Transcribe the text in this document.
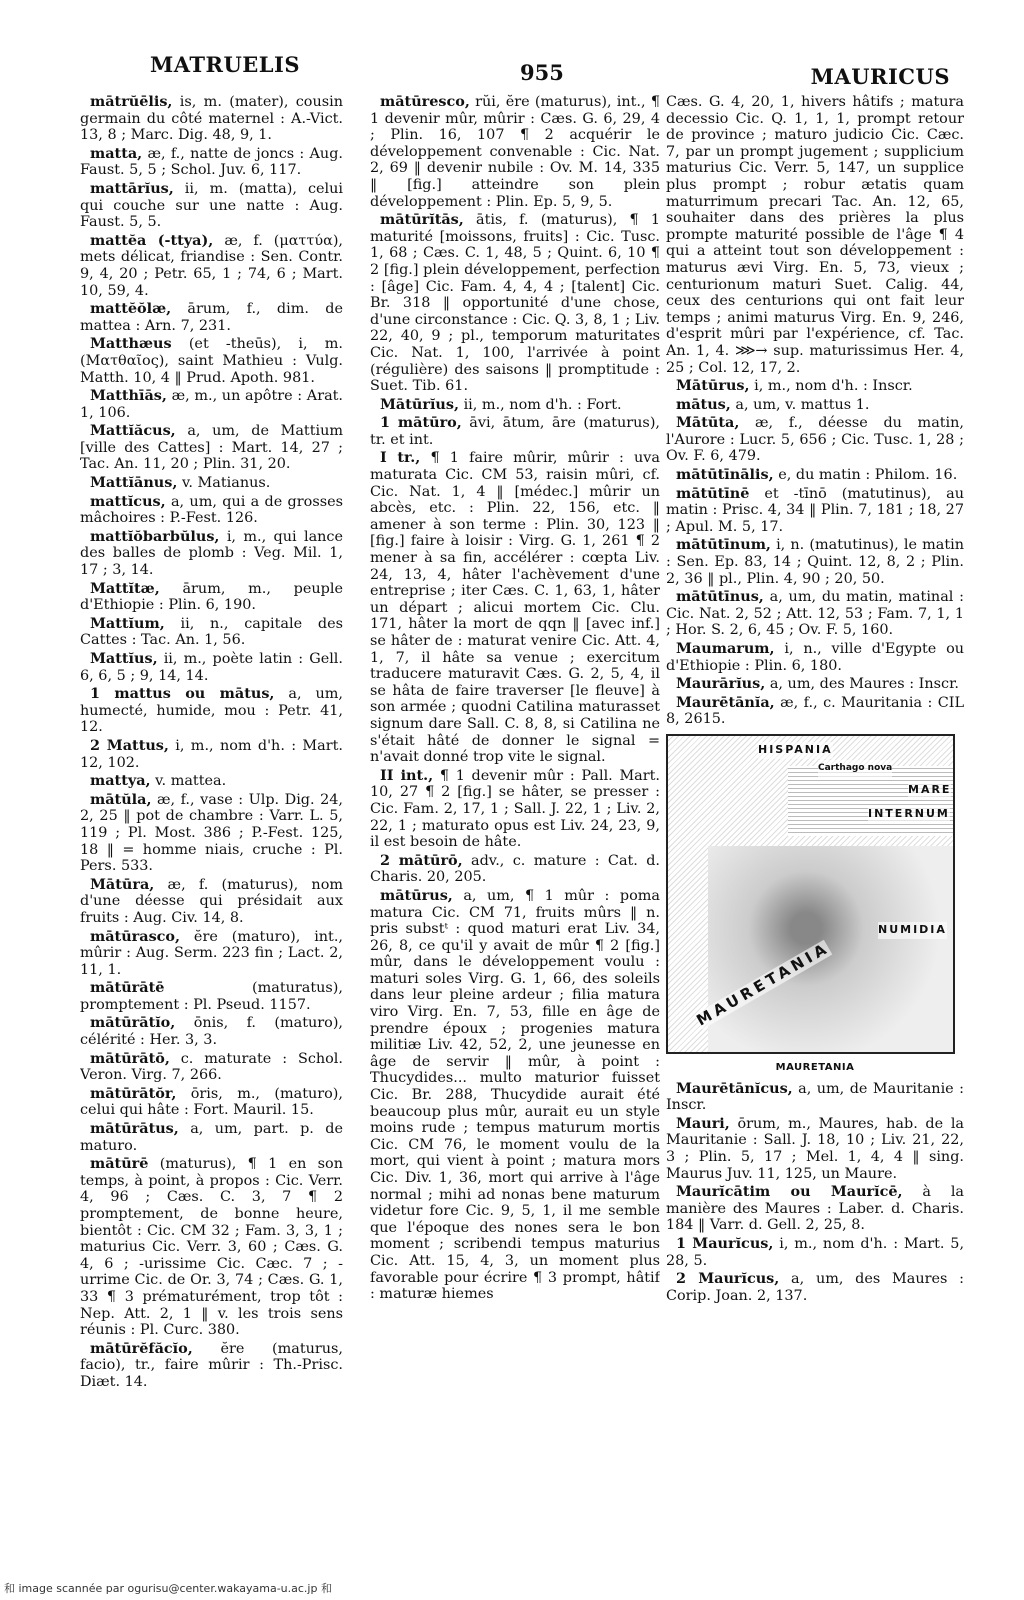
MATRUELIS	955	MAURICUS

mātrŭēlis, is, m. (mater), cousin germain du côté maternel : A.-Vict. 13, 8 ; Marc. Dig. 48, 9, 1.

matta, æ, f., natte de joncs : Aug. Faust. 5, 5 ; Schol. Juv. 6, 117.

mattārĭus, ii, m. (matta), celui qui couche sur une natte : Aug. Faust. 5, 5.

mattĕa (-ttya), æ, f. (ματτύα), mets délicat, friandise : Sen. Contr. 9, 4, 20 ; Petr. 65, 1 ; 74, 6 ; Mart. 10, 59, 4.

mattĕŏlæ, ārum, f., dim. de mattea : Arn. 7, 231.

Matthæus (et -theūs), i, m. (Ματθαῖος), saint Mathieu : Vulg. Matth. 10, 4 ‖ Prud. Apoth. 981.

Matthīās, æ, m., un apôtre : Arat. 1, 106.

Mattĭăcus, a, um, de Mattium [ville des Cattes] : Mart. 14, 27 ; Tac. An. 11, 20 ; Plin. 31, 20.

Mattĭānus, v. Matianus.

mattĭcus, a, um, qui a de grosses mâchoires : P.-Fest. 126.

mattĭŏbarbŭlus, i, m., qui lance des balles de plomb : Veg. Mil. 1, 17 ; 3, 14.

Mattĭtæ, ārum, m., peuple d'Ethiopie : Plin. 6, 190.

Mattĭum, ii, n., capitale des Cattes : Tac. An. 1, 56.

Mattĭus, ii, m., poète latin : Gell. 6, 6, 5 ; 9, 14, 14.

1 mattus ou mātus, a, um, humecté, humide, mou : Petr. 41, 12.

2 Mattus, i, m., nom d'h. : Mart. 12, 102.

mattya, v. mattea.

mātŭla, æ, f., vase : Ulp. Dig. 24, 2, 25 ‖ pot de chambre : Varr. L. 5, 119 ; Pl. Most. 386 ; P.-Fest. 125, 18 ‖ = homme niais, cruche : Pl. Pers. 533.

Mātūra, æ, f. (maturus), nom d'une déesse qui présidait aux fruits : Aug. Civ. 14, 8.

mātūrasco, ĕre (maturo), int., mûrir : Aug. Serm. 223 fin ; Lact. 2, 11, 1.

mātūrātē	(maturatus), promptement : Pl. Pseud. 1157.

mātūrātĭo, ōnis, f. (maturo), célérité : Her. 3, 3.

mātūrātō, c. maturate : Schol. Veron. Virg. 7, 266.

mātūrātŏr, ōris, m., (maturo), celui qui hâte : Fort. Mauril. 15.

mātūrātus, a, um, part. p. de maturo.

mātūrē (maturus), ¶ 1 en son temps, à point, à propos : Cic. Verr. 4, 96 ; Cæs. C. 3, 7 ¶ 2 promptement, de bonne heure, bientôt : Cic. CM 32 ; Fam. 3, 3, 1 ; maturius Cic. Verr. 3, 60 ; Cæs. G. 4, 6 ; -urissime Cic. Cæc. 7 ; -urrime Cic. de Or. 3, 74 ; Cæs. G. 1, 33 ¶ 3 prématurément, trop tôt : Nep. Att. 2, 1 ‖ v. les trois sens réunis : Pl. Curc. 380.

mātūrĕfăcĭo, ĕre (maturus, facio), tr., faire mûrir : Th.-Prisc. Diæt. 14.

mātūresco, rŭi, ĕre (maturus), int., ¶ 1 devenir mûr, mûrir : Cæs. G. 6, 29, 4 ; Plin. 16, 107 ¶ 2 acquérir le développement convenable : Cic. Nat. 2, 69 ‖ devenir nubile : Ov. M. 14, 335 ‖ [fig.] atteindre son plein développement : Plin. Ep. 5, 9, 5.

mātūrĭtās, ātis, f. (maturus), ¶ 1 maturité [moissons, fruits] : Cic. Tusc. 1, 68 ; Cæs. C. 1, 48, 5 ; Quint. 6, 10 ¶ 2 [fig.] plein développement, perfection : [âge] Cic. Fam. 4, 4, 4 ; [talent] Cic. Br. 318 ‖ opportunité d'une chose, d'une circonstance : Cic. Q. 3, 8, 1 ; Liv. 22, 40, 9 ; pl., temporum maturitates Cic. Nat. 1, 100, l'arrivée à point (régulière) des saisons ‖ promptitude : Suet. Tib. 61.

Mātūrĭus, ii, m., nom d'h. : Fort.

1 mātūro, āvi, ātum, āre (maturus), tr. et int.

I tr., ¶ 1 faire mûrir, mûrir : uva maturata Cic. CM 53, raisin mûri, cf. Cic. Nat. 1, 4 ‖ [médec.] mûrir un abcès, etc. : Plin. 22, 156, etc. ‖ amener à son terme : Plin. 30, 123 ‖ [fig.] faire à loisir : Virg. G. 1, 261 ¶ 2 mener à sa fin, accélérer : cœpta Liv. 24, 13, 4, hâter l'achèvement d'une entreprise ; iter Cæs. C. 1, 63, 1, hâter un départ ; alicui mortem Cic. Clu. 171, hâter la mort de qqn ‖ [avec inf.] se hâter de : maturat venire Cic. Att. 4, 1, 7, il hâte sa venue ; exercitum traducere maturavit Cæs. G. 2, 5, 4, il se hâta de faire traverser [le fleuve] à son armée ; quodni Catilina maturasset signum dare Sall. C. 8, 8, si Catilina ne s'était hâté de donner le signal = n'avait donné trop vite le signal.

II int., ¶ 1 devenir mûr : Pall. Mart. 10, 27 ¶ 2 [fig.] se hâter, se presser : Cic. Fam. 2, 17, 1 ; Sall. J. 22, 1 ; Liv. 2, 22, 1 ; maturato opus est Liv. 24, 23, 9, il est besoin de hâte.

2 mātūrō, adv., c. mature : Cat. d. Charis. 20, 205.

mātūrus, a, um, ¶ 1 mûr : poma matura Cic. CM 71, fruits mûrs ‖ n. pris substᵗ : quod maturi erat Liv. 34, 26, 8, ce qu'il y avait de mûr ¶ 2 [fig.] mûr, dans le développement voulu : maturi soles Virg. G. 1, 66, des soleils dans leur pleine ardeur ; filia matura viro Virg. En. 7, 53, fille en âge de prendre époux ; progenies matura militiæ Liv. 42, 52, 2, une jeunesse en âge de servir ‖ mûr, à point : Thucydides... multo maturior fuisset Cic. Br. 288, Thucydide aurait été beaucoup plus mûr, aurait eu un style moins rude ; tempus maturum mortis Cic. CM 76, le moment voulu de la mort, qui vient à point ; matura mors Cic. Div. 1, 36, mort qui arrive à l'âge normal ; mihi ad nonas bene maturum videtur fore Cic. 9, 5, 1, il me semble que l'époque des nones sera le bon moment ; scribendi tempus maturius Cic. Att. 15, 4, 3, un moment plus favorable pour écrire ¶ 3 prompt, hâtif : maturæ hiemes

Cæs. G. 4, 20, 1, hivers hâtifs ; matura decessio Cic. Q. 1, 1, 1, prompt retour de province ; maturo judicio Cic. Cæc. 7, par un prompt jugement ; supplicium maturius Cic. Verr. 5, 147, un supplice plus prompt ; robur ætatis quam maturrimum precari Tac. An. 12, 65, souhaiter dans des prières la plus prompte maturité possible de l'âge ¶ 4 qui a atteint tout son développement : maturus ævi Virg. En. 5, 73, vieux ; centurionum maturi Suet. Calig. 44, ceux des centurions qui ont fait leur temps ; animi maturus Virg. En. 9, 246, d'esprit mûri par l'expérience, cf. Tac. An. 1, 4. ⋙→ sup. maturissimus Her. 4, 25 ; Col. 12, 17, 2.

Mātūrus, i, m., nom d'h. : Inscr.

mātus, a, um, v. mattus 1.

Mātūta, æ, f., déesse du matin, l'Aurore : Lucr. 5, 656 ; Cic. Tusc. 1, 28 ; Ov. F. 6, 479.

mātūtīnālis, e, du matin : Philom. 16.

mātūtīnē et -tīnō (matutinus), au matin : Prisc. 4, 34 ‖ Plin. 7, 181 ; 18, 27 ; Apul. M. 5, 17.

mātūtīnum, i, n. (matutinus), le matin : Sen. Ep. 83, 14 ; Quint. 12, 8, 2 ; Plin. 2, 36 ‖ pl., Plin. 4, 90 ; 20, 50.

mātūtīnus, a, um, du matin, matinal : Cic. Nat. 2, 52 ; Att. 12, 53 ; Fam. 7, 1, 1 ; Hor. S. 2, 6, 45 ; Ov. F. 5, 160.

Maumarum, i, n., ville d'Egypte ou d'Ethiopie : Plin. 6, 180.

Maurārĭus, a, um, des Maures : Inscr.

Maurētānĭa, æ, f., c. Mauritania : CIL 8, 2615.

HISPANIA
Carthago nova
MARE
INTERNUM
NUMIDIA
MAURETANIA
MAURETANIA

Maurētānĭcus, a, um, de Mauritanie : Inscr.

Mauri, ōrum, m., Maures, hab. de la Mauritanie : Sall. J. 18, 10 ; Liv. 21, 22, 3 ; Plin. 5, 17 ; Mel. 1, 4, 4 ‖ sing. Maurus Juv. 11, 125, un Maure.

Maurĭcātim ou Maurĭcē, à la manière des Maures : Laber. d. Charis. 184 ‖ Varr. d. Gell. 2, 25, 8.

1 Maurĭcus, i, m., nom d'h. : Mart. 5, 28, 5.

2 Maurĭcus, a, um, des Maures : Corip. Joan. 2, 137.

和 image scannée par ogurisu@center.wakayama-u.ac.jp 和
